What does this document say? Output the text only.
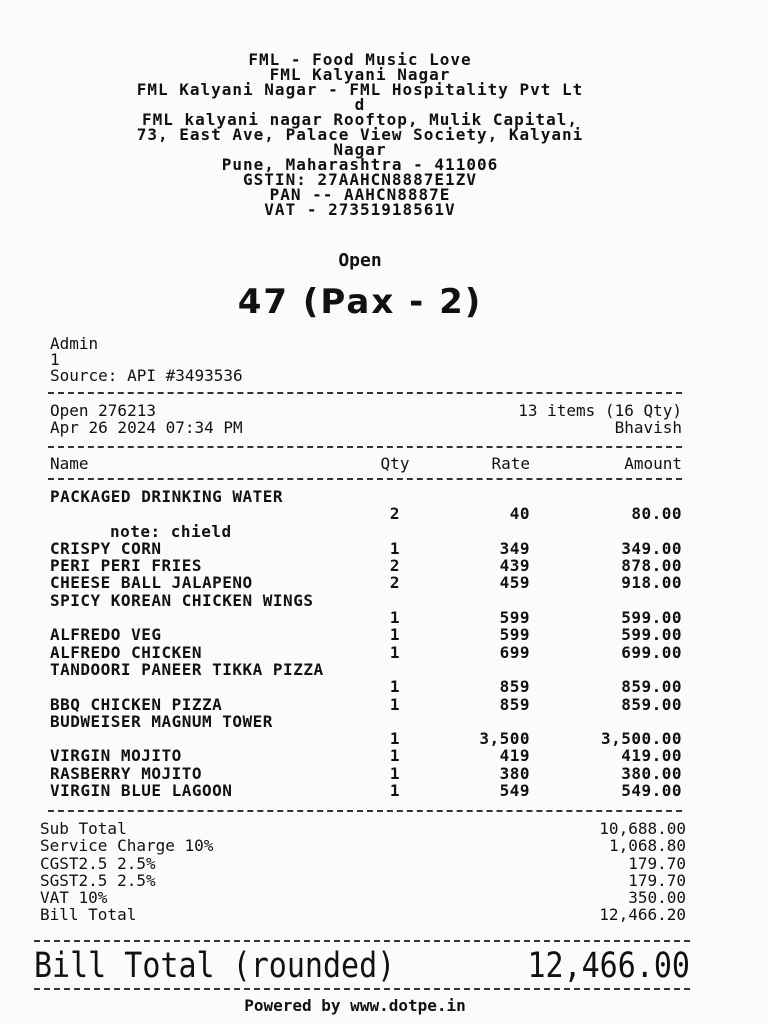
FML - Food Music Love
FML Kalyani Nagar
FML Kalyani Nagar - FML Hospitality Pvt Lt
d
FML kalyani nagar Rooftop, Mulik Capital,
73, East Ave, Palace View Society, Kalyani
Nagar
Pune, Maharashtra - 411006
GSTIN: 27AAHCN8887E1ZV
PAN -- AAHCN8887E
VAT - 27351918561V
Open
47 (Pax - 2)
Admin
1
Source: API #3493536
Open 276213	13 items (16 Qty)
Apr 26 2024 07:34 PM	Bhavish
Name	Qty	Rate	Amount
PACKAGED DRINKING WATER
2	40	80.00
note: chield
CRISPY CORN	1	349	349.00
PERI PERI FRIES	2	439	878.00
CHEESE BALL JALAPENO	2	459	918.00
SPICY KOREAN CHICKEN WINGS
1	599	599.00
ALFREDO VEG	1	599	599.00
ALFREDO CHICKEN	1	699	699.00
TANDOORI PANEER TIKKA PIZZA
1	859	859.00
BBQ CHICKEN PIZZA	1	859	859.00
BUDWEISER MAGNUM TOWER
1	3,500	3,500.00
VIRGIN MOJITO	1	419	419.00
RASBERRY MOJITO	1	380	380.00
VIRGIN BLUE LAGOON	1	549	549.00
Sub Total	10,688.00
Service Charge 10%	1,068.80
CGST2.5 2.5%	179.70
SGST2.5 2.5%	179.70
VAT 10%	350.00
Bill Total	12,466.20
Bill Total (rounded)	12,466.00
Powered by www.dotpe.in
